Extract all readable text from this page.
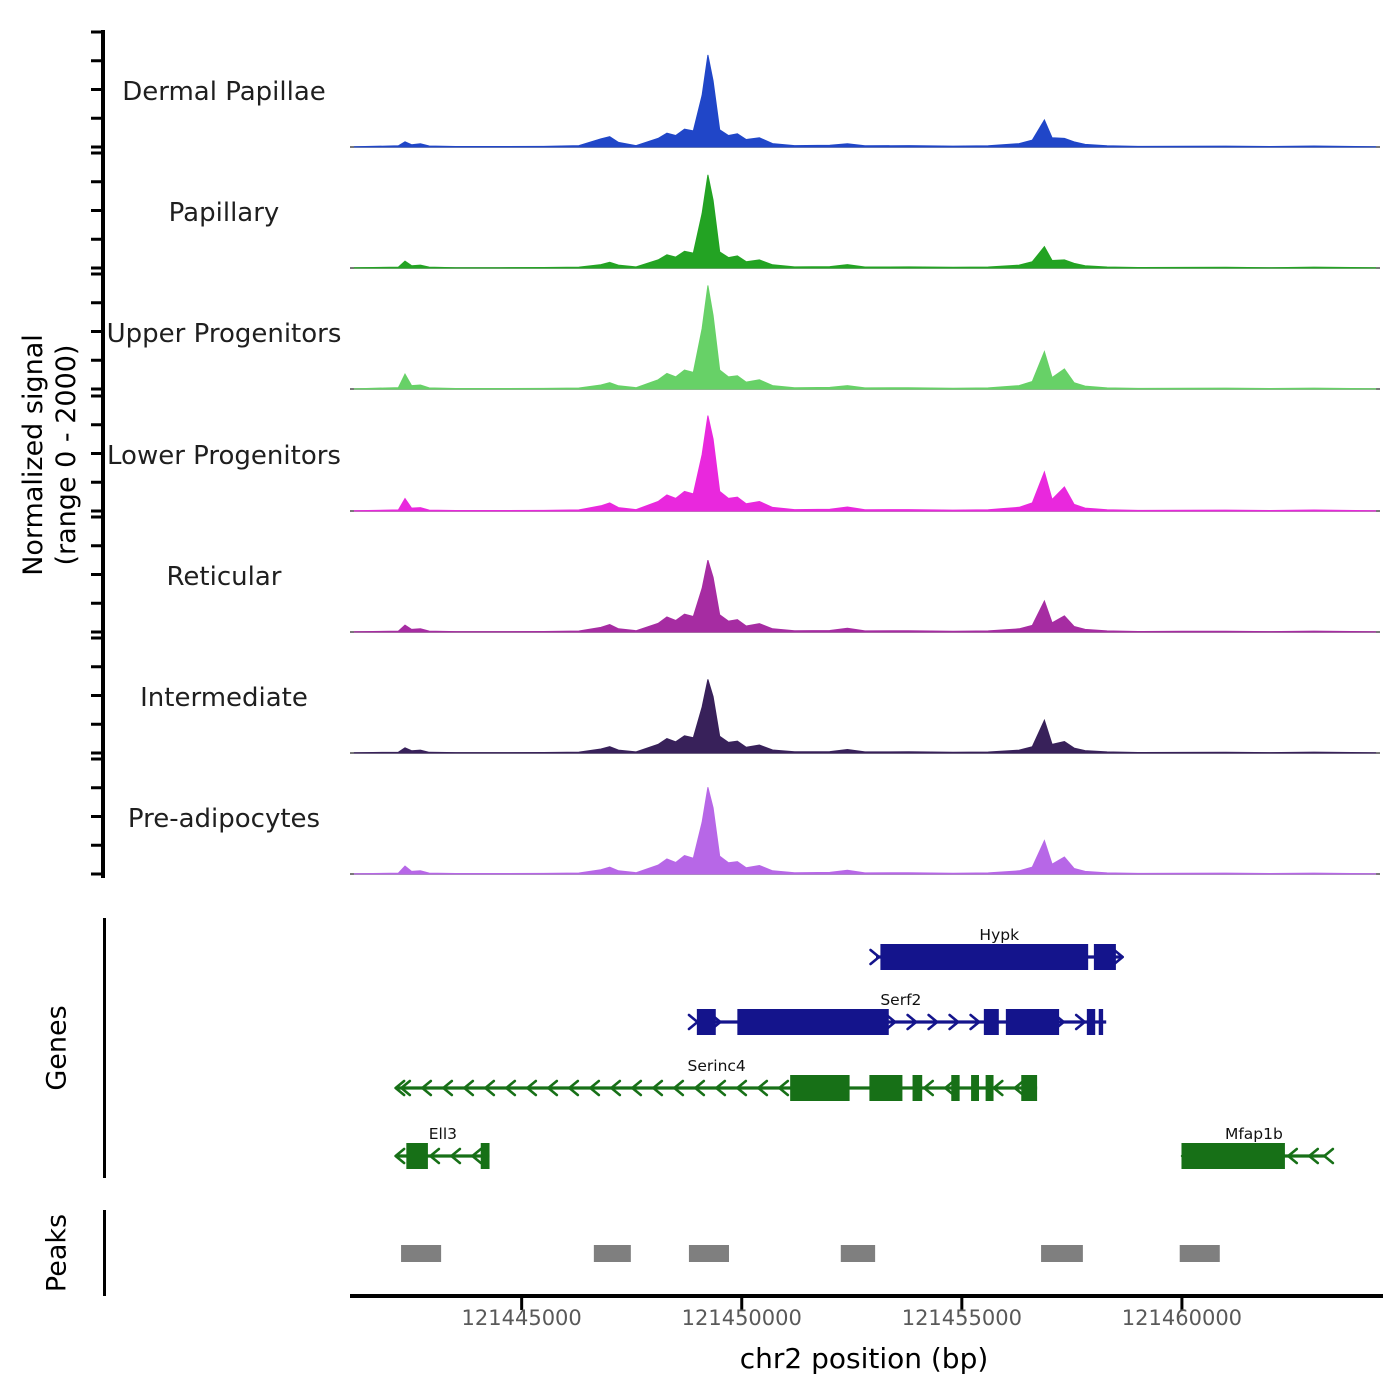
Hypk
Serf2
Serinc4
Ell3	Mfap1b
Normalized signal (range 0 - 2000)
Genes
Peaks
chr2 position (bp)
Dermal Papillae
Papillary
Upper Progenitors
Lower Progenitors
Reticular
Intermediate
Pre-adipocytes
121445000	121450000	121455000	121460000
